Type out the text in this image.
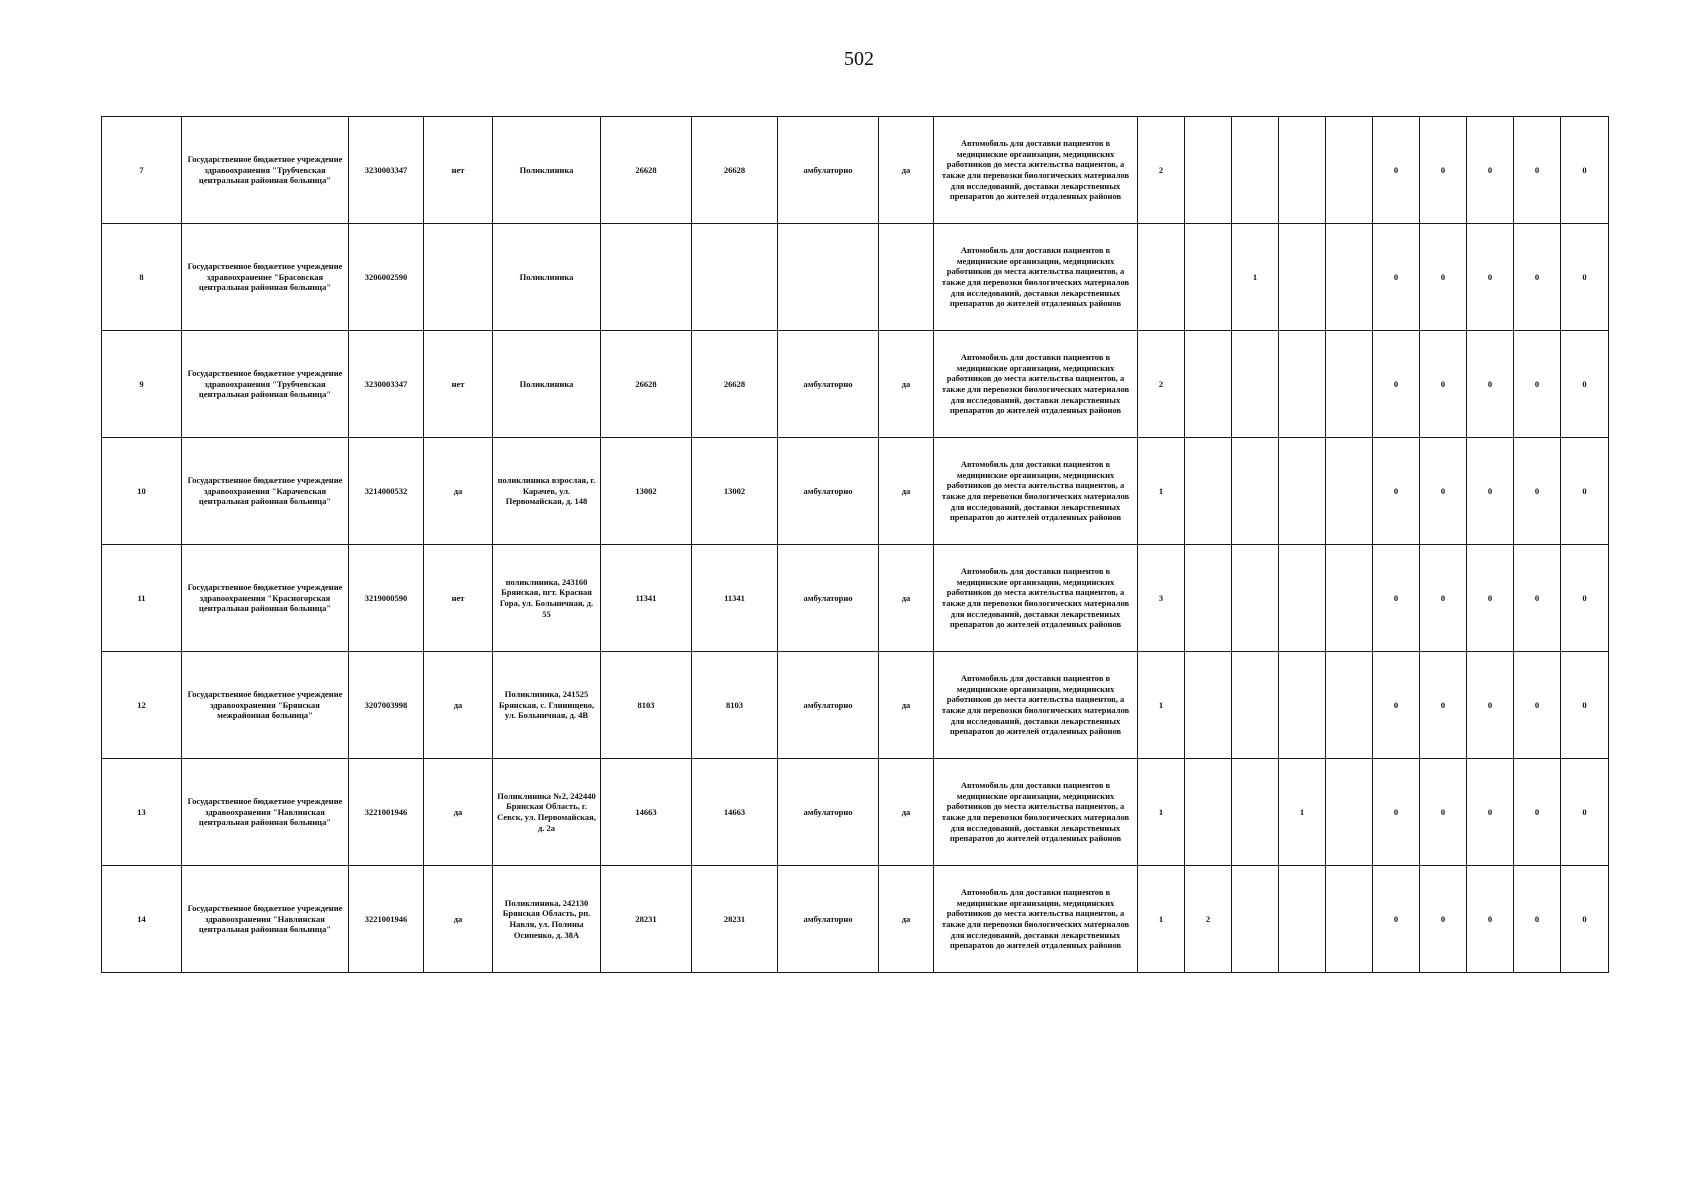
502
7	Государственное бюджетное учреждение здравоохранения "Трубчевская центральная районная больница"	3230003347	нет	Поликлиника	26628	26628	амбулаторно	да	Автомобиль для доставки пациентов в медицинские организации, медицинских работников до места жительства пациентов, а также для перевозки биологических материалов для исследований, доставки лекарственных препаратов до жителей отдаленных районов	2					0	0	0	0	0
8	Государственное бюджетное учреждение здравоохранение "Брасовская центральная районная больница"	3206002590		Поликлиника					Автомобиль для доставки пациентов в медицинские организации, медицинских работников до места жительства пациентов, а также для перевозки биологических материалов для исследований, доставки лекарственных препаратов до жителей отдаленных районов			1			0	0	0	0	0
9	Государственное бюджетное учреждение здравоохранения "Трубчевская центральная районная больница"	3230003347	нет	Поликлиника	26628	26628	амбулаторно	да	Автомобиль для доставки пациентов в медицинские организации, медицинских работников до места жительства пациентов, а также для перевозки биологических материалов для исследований, доставки лекарственных препаратов до жителей отдаленных районов	2					0	0	0	0	0
10	Государственное бюджетное учреждение здравоохранения "Карачевская центральная районная больница"	3214000532	да	поликлиника взрослая, г. Карачев, ул. Первомайская, д. 148	13002	13002	амбулаторно	да	Автомобиль для доставки пациентов в медицинские организации, медицинских работников до места жительства пациентов, а также для перевозки биологических материалов для исследований, доставки лекарственных препаратов до жителей отдаленных районов	1					0	0	0	0	0
11	Государственное бюджетное учреждение здравоохранения "Красногорская центральная районная больница"	3219000590	нет	поликлиника, 243160 Брянская, пгт. Красная Гора, ул. Больничная, д. 55	11341	11341	амбулаторно	да	Автомобиль для доставки пациентов в медицинские организации, медицинских работников до места жительства пациентов, а также для перевозки биологических материалов для исследований, доставки лекарственных препаратов до жителей отдаленных районов	3					0	0	0	0	0
12	Государственное бюджетное учреждение здравоохранения "Брянская межрайонная больница"	3207003998	да	Поликлиника, 241525 Брянская, с. Глинищево, ул. Больничная, д. 4В	8103	8103	амбулаторно	да	Автомобиль для доставки пациентов в медицинские организации, медицинских работников до места жительства пациентов, а также для перевозки биологических материалов для исследований, доставки лекарственных препаратов до жителей отдаленных районов	1					0	0	0	0	0
13	Государственное бюджетное учреждение здравоохранения "Навлинская центральная районная больница"	3221001946	да	Поликлиника №2, 242440 Брянская Область, г. Севск, ул. Первомайская, д. 2а	14663	14663	амбулаторно	да	Автомобиль для доставки пациентов в медицинские организации, медицинских работников до места жительства пациентов, а также для перевозки биологических материалов для исследований, доставки лекарственных препаратов до жителей отдаленных районов	1			1		0	0	0	0	0
14	Государственное бюджетное учреждение здравоохранения "Навлинская центральная районная больница"	3221001946	да	Поликлиника, 242130 Брянская Область, рп. Навля, ул. Полины Осипенко, д. 38А	28231	28231	амбулаторно	да	Автомобиль для доставки пациентов в медицинские организации, медицинских работников до места жительства пациентов, а также для перевозки биологических материалов для исследований, доставки лекарственных препаратов до жителей отдаленных районов	1	2				0	0	0	0	0
